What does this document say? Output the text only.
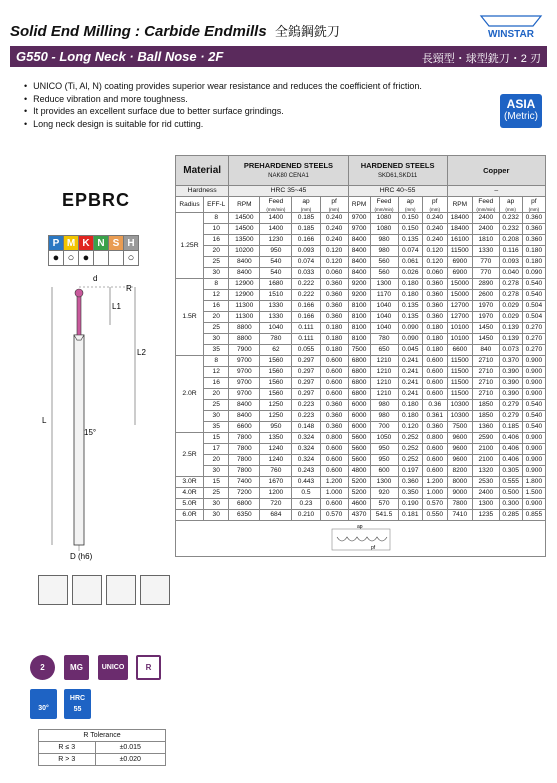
Solid End Milling : Carbide Endmills 全鎢鋼銑刀	WINSTAR
G550 - Long Neck · Ball Nose · 2F	長頸型・球型銑刀・2 刃
• UNICO (Ti, Al, N) coating provides superior wear resistance and reduces the coefficient of friction.
• Reduce vibration and more toughness.
• It provides an excellent surface due to better surface grindings.
• Long neck design is suitable for rid cutting.
ASIA
(Metric)
EPBRC
P	M	K	N	S	H
●	○	●			○
d
R
L1
L2
L
15°
D (h6)
Material		PREHARDENED STEELS
NAK80 CENA1				HARDENED STEELS
SKD61,SKD11				Copper			
Hardness		HRC 35~45				HRC 40~55				–			
Radius	EFF-L	RPM	Feed
(mm/min)	ap
(mm)	pf
(mm)	RPM	Feed
(mm/min)	ap
(mm)	pf
(mm)	RPM	Feed
(mm/min)	ap
(mm)	pf
(mm)

1.25R	8	14500	1400	0.185	0.240	9700	1080	0.150	0.240	18400	2400	0.232	0.360
	10	14500	1400	0.185	0.240	9700	1080	0.150	0.240	18400	2400	0.232	0.360
	16	13500	1230	0.166	0.240	8400	980	0.135	0.240	16100	1810	0.208	0.360
	20	10200	950	0.093	0.120	8400	980	0.074	0.120	11500	1330	0.116	0.180
	25	8400	540	0.074	0.120	8400	560	0.061	0.120	6900	770	0.093	0.180
	30	8400	540	0.033	0.060	8400	560	0.026	0.060	6900	770	0.040	0.090
1.5R	8	12900	1680	0.222	0.360	9200	1300	0.180	0.360	15000	2890	0.278	0.540
	12	12900	1510	0.222	0.360	9200	1170	0.180	0.360	15000	2600	0.278	0.540
	16	11300	1330	0.166	0.360	8100	1040	0.135	0.360	12700	1970	0.029	0.504
	20	11300	1330	0.166	0.360	8100	1040	0.135	0.360	12700	1970	0.029	0.504
	25	8800	1040	0.111	0.180	8100	1040	0.090	0.180	10100	1450	0.139	0.270
	30	8800	780	0.111	0.180	8100	780	0.090	0.180	10100	1450	0.139	0.270
	35	7900	62	0.055	0.180	7500	650	0.045	0.180	6600	840	0.073	0.270
2.0R	8	9700	1560	0.297	0.600	6800	1210	0.241	0.600	11500	2710	0.370	0.900
	12	9700	1560	0.297	0.600	6800	1210	0.241	0.600	11500	2710	0.390	0.900
	16	9700	1560	0.297	0.600	6800	1210	0.241	0.600	11500	2710	0.390	0.900
	20	9700	1560	0.297	0.600	6800	1210	0.241	0.600	11500	2710	0.390	0.900
	25	8400	1250	0.223	0.360	6000	980	0.180	0.36	10300	1850	0.279	0.540
	30	8400	1250	0.223	0.360	6000	980	0.180	0.361	10300	1850	0.279	0.540
	35	6600	950	0.148	0.360	6000	700	0.120	0.360	7500	1360	0.185	0.540
2.5R	15	7800	1350	0.324	0.800	5600	1050	0.252	0.800	9600	2590	0.406	0.900
	17	7800	1240	0.324	0.600	5600	950	0.252	0.600	9600	2100	0.406	0.900
	20	7800	1240	0.324	0.600	5600	950	0.252	0.600	9600	2100	0.406	0.900
	30	7800	760	0.243	0.600	4800	600	0.197	0.600	8200	1320	0.305	0.900
3.0R	15	7400	1670	0.443	1.200	5200	1300	0.360	1.200	8000	2530	0.555	1.800
4.0R	25	7200	1200	0.5	1.000	5200	920	0.350	1.000	9000	2400	0.500	1.500
5.0R	30	6800	720	0.23	0.600	4600	570	0.190	0.570	7800	1300	0.300	0.900
6.0R	30	6350	684	0.210	0.570	4370	541.5	0.181	0.550	7410	1235	0.285	0.855

ap
pf													
2	MG	UNICO	R
30°
HRC
55
R Tolerance	
R ≤ 3	±0.015
R > 3	±0.020
